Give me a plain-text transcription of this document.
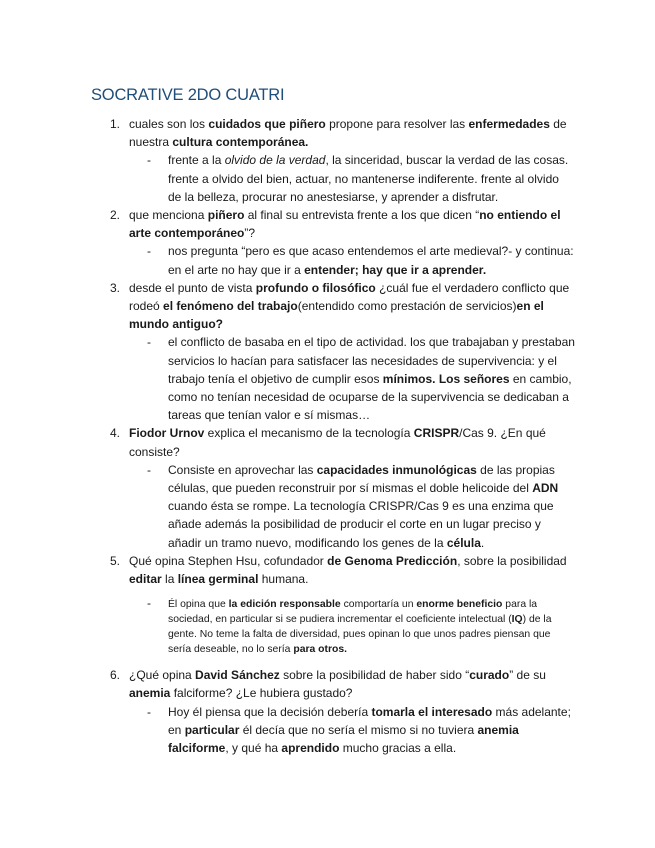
SOCRATIVE 2DO CUATRI
1. cuales son los cuidados que piñero propone para resolver las enfermedades de nuestra cultura contemporánea.
- frente a la olvido de la verdad, la sinceridad, buscar la verdad de las cosas. frente a olvido del bien, actuar, no mantenerse indiferente. frente al olvido de la belleza, procurar no anestesiarse, y aprender a disfrutar.
2. que menciona piñero al final su entrevista frente a los que dicen “no entiendo el arte contemporáneo”?
- nos pregunta “pero es que acaso entendemos el arte medieval?- y continua: en el arte no hay que ir a entender; hay que ir a aprender.
3. desde el punto de vista profundo o filosófico ¿cuál fue el verdadero conflicto que rodeó el fenómeno del trabajo(entendido como prestación de servicios)en el mundo antiguo?
- el conflicto de basaba en el tipo de actividad. los que trabajaban y prestaban servicios lo hacían para satisfacer las necesidades de supervivencia: y el trabajo tenía el objetivo de cumplir esos mínimos. Los señores en cambio, como no tenían necesidad de ocuparse de la supervivencia se dedicaban a tareas que tenían valor e sí mismas…
4. Fiodor Urnov explica el mecanismo de la tecnología CRISPR/Cas 9. ¿En qué consiste?
- Consiste en aprovechar las capacidades inmunológicas de las propias células, que pueden reconstruir por sí mismas el doble helicoide del ADN cuando ésta se rompe. La tecnología CRISPR/Cas 9 es una enzima que añade además la posibilidad de producir el corte en un lugar preciso y añadir un tramo nuevo, modificando los genes de la célula.
5. Qué opina Stephen Hsu, cofundador de Genoma Predicción, sobre la posibilidad editar la línea germinal humana.
- Él opina que la edición responsable comportaría un enorme beneficio para la sociedad, en particular si se pudiera incrementar el coeficiente intelectual (IQ) de la gente. No teme la falta de diversidad, pues opinan lo que unos padres piensan que sería deseable, no lo sería para otros.
6. ¿Qué opina David Sánchez sobre la posibilidad de haber sido “curado” de su anemia falciforme? ¿Le hubiera gustado?
- Hoy él piensa que la decisión debería tomarla el interesado más adelante; en particular él decía que no sería el mismo si no tuviera anemia falciforme, y qué ha aprendido mucho gracias a ella.
